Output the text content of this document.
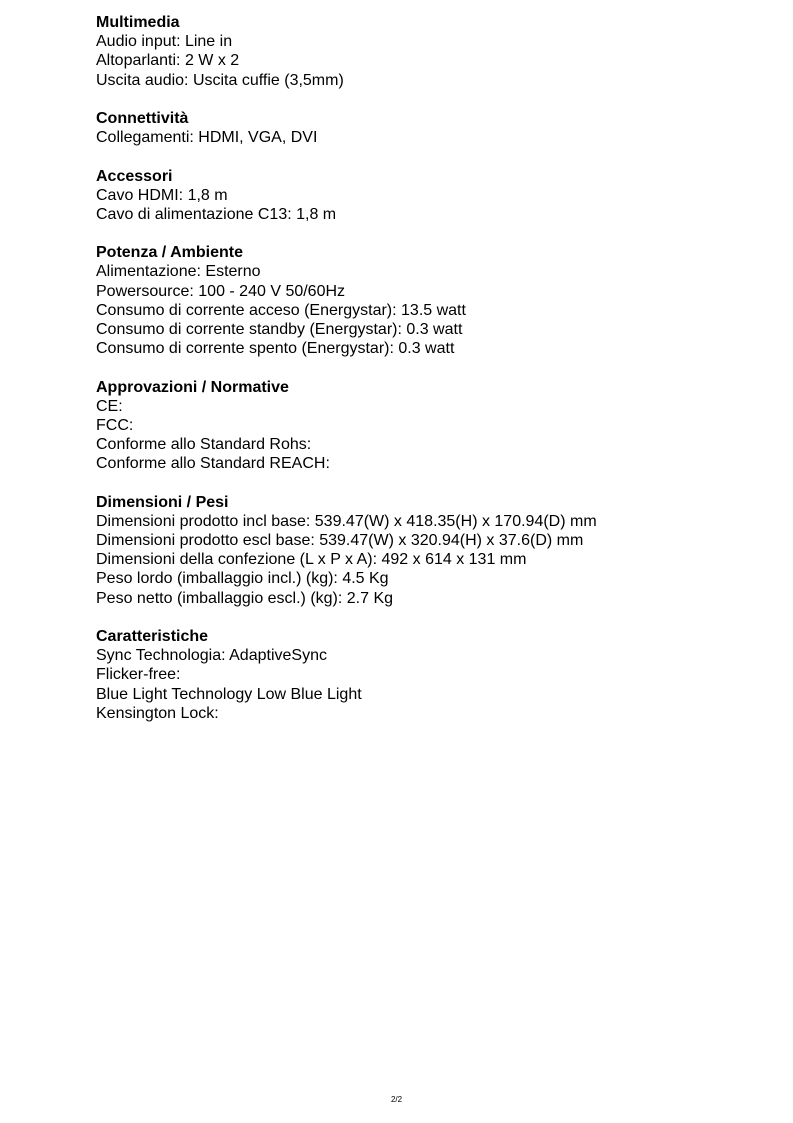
Multimedia
Audio input: Line in
Altoparlanti: 2 W x 2
Uscita audio: Uscita cuffie (3,5mm)
Connettività
Collegamenti: HDMI, VGA, DVI
Accessori
Cavo HDMI: 1,8 m
Cavo di alimentazione C13: 1,8 m
Potenza / Ambiente
Alimentazione: Esterno
Powersource: 100 - 240 V 50/60Hz
Consumo di corrente acceso (Energystar): 13.5 watt
Consumo di corrente standby (Energystar): 0.3 watt
Consumo di corrente spento (Energystar): 0.3 watt
Approvazioni / Normative
CE:
FCC:
Conforme allo Standard Rohs:
Conforme allo Standard REACH:
Dimensioni / Pesi
Dimensioni prodotto incl base: 539.47(W) x 418.35(H) x 170.94(D) mm
Dimensioni prodotto escl base: 539.47(W) x 320.94(H) x 37.6(D) mm
Dimensioni della confezione (L x P x A): 492 x 614 x 131 mm
Peso lordo (imballaggio incl.) (kg): 4.5 Kg
Peso netto (imballaggio escl.) (kg): 2.7 Kg
Caratteristiche
Sync Technologia: AdaptiveSync
Flicker-free:
Blue Light Technology Low Blue Light
Kensington Lock:
2/2
